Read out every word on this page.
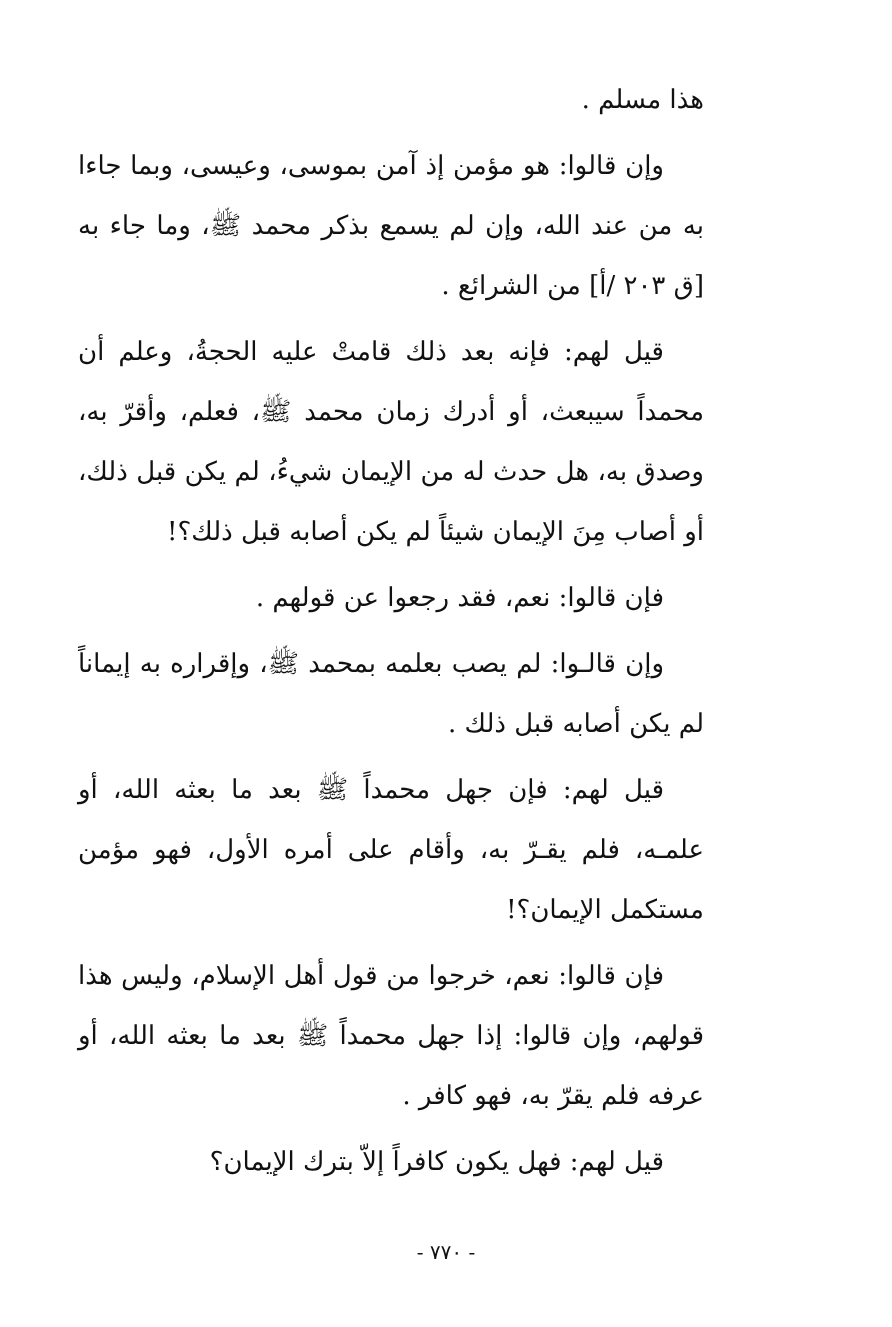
هذا مسلم .

وإن قالوا: هو مؤمن إذ آمن بموسى، وعيسى، وبما جاءا به من عند الله، وإن لم يسمع بذكر محمد ﷺ، وما جاء به [ق ٢٠٣ /أ] من الشرائع .

قيل لهم: فإنه بعد ذلك قامتْ عليه الحجةُ، وعلم أن محمداً سيبعث، أو أدرك زمان محمد ﷺ، فعلم، وأقرّ به، وصدق به، هل حدث له من الإيمان شيءُ، لم يكن قبل ذلك، أو أصاب مِنَ الإيمان شيئاً لم يكن أصابه قبل ذلك؟!

فإن قالوا: نعم، فقد رجعوا عن قولهم .

وإن قالـوا: لم يصب بعلمه بمحمد ﷺ، وإقراره به إيماناً لم يكن أصابه قبل ذلك .

قيل لهم: فإن جهل محمداً ﷺ بعد ما بعثه الله، أو علمـه، فلم يقـرّ به، وأقام على أمره الأول، فهو مؤمن مستكمل الإيمان؟!

فإن قالوا: نعم، خرجوا من قول أهل الإسلام، وليس هذا قولهم، وإن قالوا: إذا جهل محمداً ﷺ بعد ما بعثه الله، أو عرفه فلم يقرّ به، فهو كافر .

قيل لهم: فهل يكون كافراً إلاّ بترك الإيمان؟

- ٧٧٠ -
